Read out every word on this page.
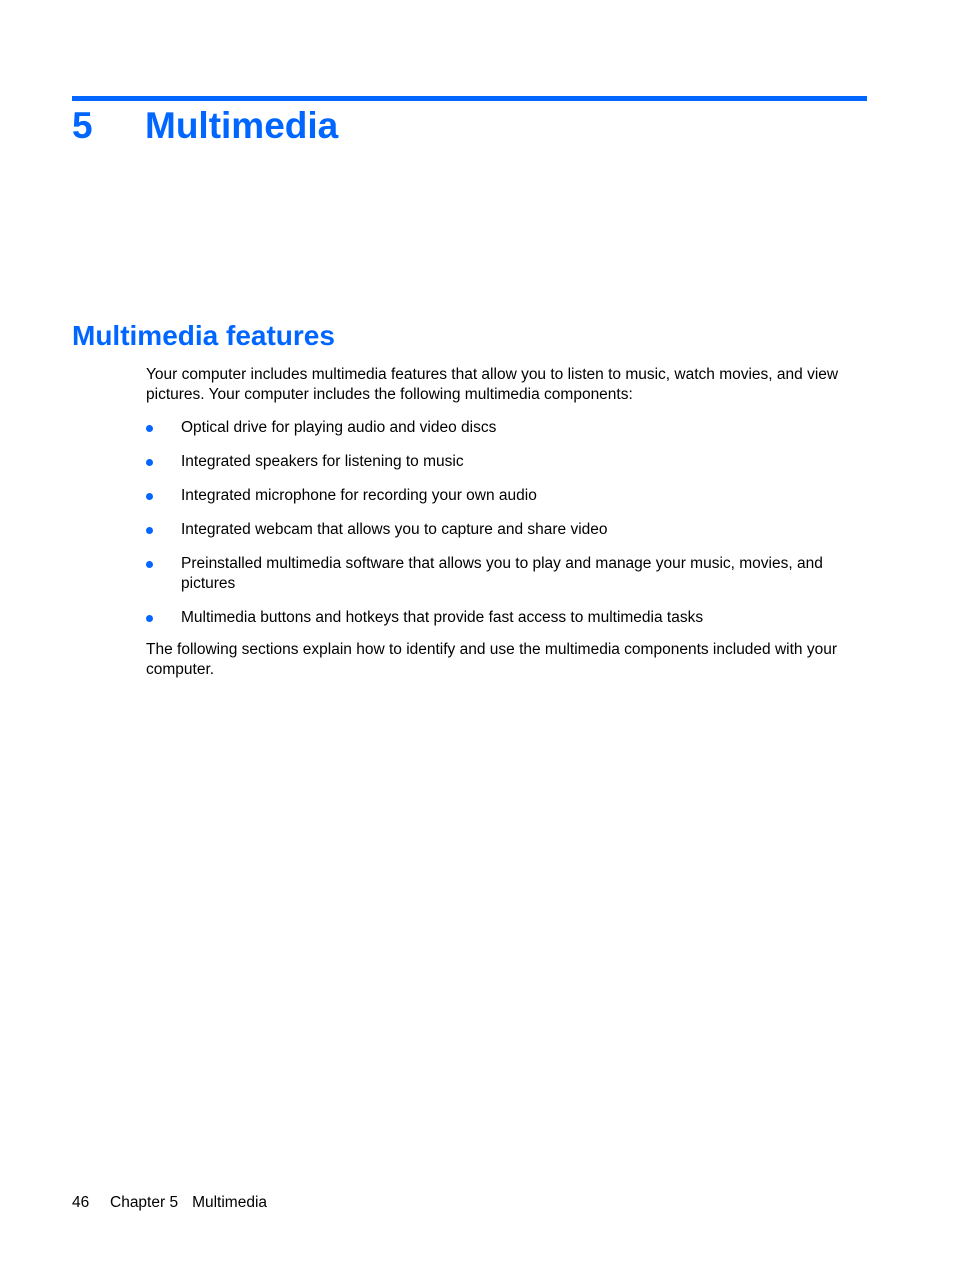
5 Multimedia
Multimedia features

Your computer includes multimedia features that allow you to listen to music, watch movies, and view pictures. Your computer includes the following multimedia components:

Optical drive for playing audio and video discs
Integrated speakers for listening to music
Integrated microphone for recording your own audio
Integrated webcam that allows you to capture and share video
Preinstalled multimedia software that allows you to play and manage your music, movies, and pictures
Multimedia buttons and hotkeys that provide fast access to multimedia tasks

The following sections explain how to identify and use the multimedia components included with your computer.

46 Chapter 5 Multimedia
